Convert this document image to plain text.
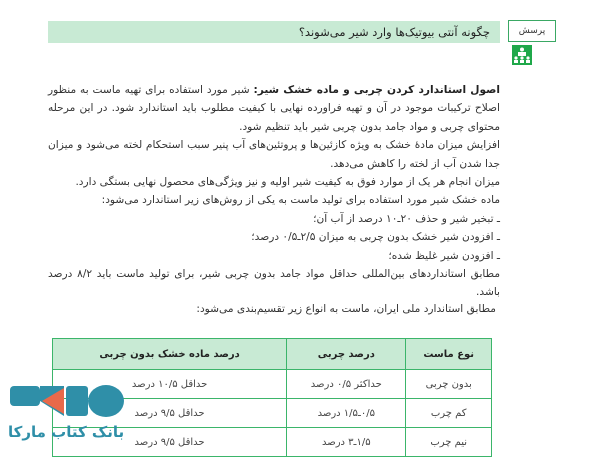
پرسش
چگونه آنتی بیوتیک‌ها وارد شیر می‌شوند؟

اصول استاندارد کردن چربی و ماده خشک شیر: شیر مورد استفاده برای تهیه ماست به منظور اصلاح ترکیبات موجود در آن و تهیه فراورده نهایی با کیفیت مطلوب باید استاندارد شود. در این مرحله محتوای چربی و مواد جامد بدون چربی شیر باید تنظیم شود.

افزایش میزان مادهٔ خشک به ویژه کازئین‌ها و پروتئین‌های آب پنیر سبب استحکام لخته می‌شود و میزان جدا شدن آب از لخته را کاهش می‌دهد.

میزان انجام هر یک از موارد فوق به کیفیت شیر اولیه و نیز ویژگی‌های محصول نهایی بستگی دارد.

ماده خشک شیر مورد استفاده برای تولید ماست به یکی از روش‌های زیر استاندارد می‌شود:

ـ تبخیر شیر و حذف ۲۰ـ۱۰ درصد از آب آن؛

ـ افزودن شیر خشک بدون چربی به میزان ۲/۵ـ۰/۵ درصد؛

ـ افزودن شیر غلیظ شده؛

مطابق استانداردهای بین‌المللی حداقل مواد جامد بدون چربی شیر، برای تولید ماست باید ۸/۲ درصد باشد.

مطابق استاندارد ملی ایران، ماست به انواع زیر تقسیم‌بندی می‌شود:
نوع ماست	درصد چربی	درصد ماده خشک بدون چربی
بدون چربی	حداکثر ۰/۵ درصد	حداقل ۱۰/۵ درصد
کم چرب	۰/۵ـ۱/۵ درصد	حداقل ۹/۵ درصد
نیم چرب	۱/۵ـ۳ درصد	حداقل ۹/۵ درصد
بانک کتاب مارکا
